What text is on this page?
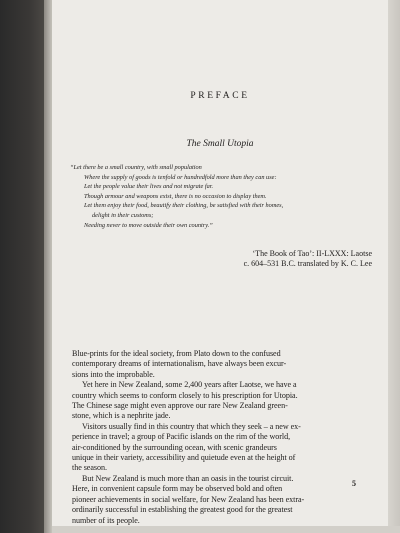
PREFACE
The Small Utopia
“Let there be a small country, with small population
Where the supply of goods is tenfold or hundredfold more than they can use:
Let the people value their lives and not migrate far.
Though armour and weapons exist, there is no occasion to display them.
Let them enjoy their food, beautify their clothing, be satisfied with their homes,
delight in their customs;
Needing never to move outside their own country.”
‘The Book of Tao’: II-LXXX: Laotse
c. 604–531 B.C. translated by K. C. Lee
Blue-prints for the ideal society, from Plato down to the confused
contemporary dreams of internationalism, have always been excur-
sions into the improbable.
Yet here in New Zealand, some 2,400 years after Laotse, we have a
country which seems to conform closely to his prescription for Utopia.
The Chinese sage might even approve our rare New Zealand green-
stone, which is a nephrite jade.
Visitors usually find in this country that which they seek – a new ex-
perience in travel; a group of Pacific islands on the rim of the world,
air-conditioned by the surrounding ocean, with scenic grandeurs
unique in their variety, accessibility and quietude even at the height of
the season.
But New Zealand is much more than an oasis in the tourist circuit.
Here, in convenient capsule form may be observed bold and often
pioneer achievements in social welfare, for New Zealand has been extra-
ordinarily successful in establishing the greatest good for the greatest
number of its people.
5
